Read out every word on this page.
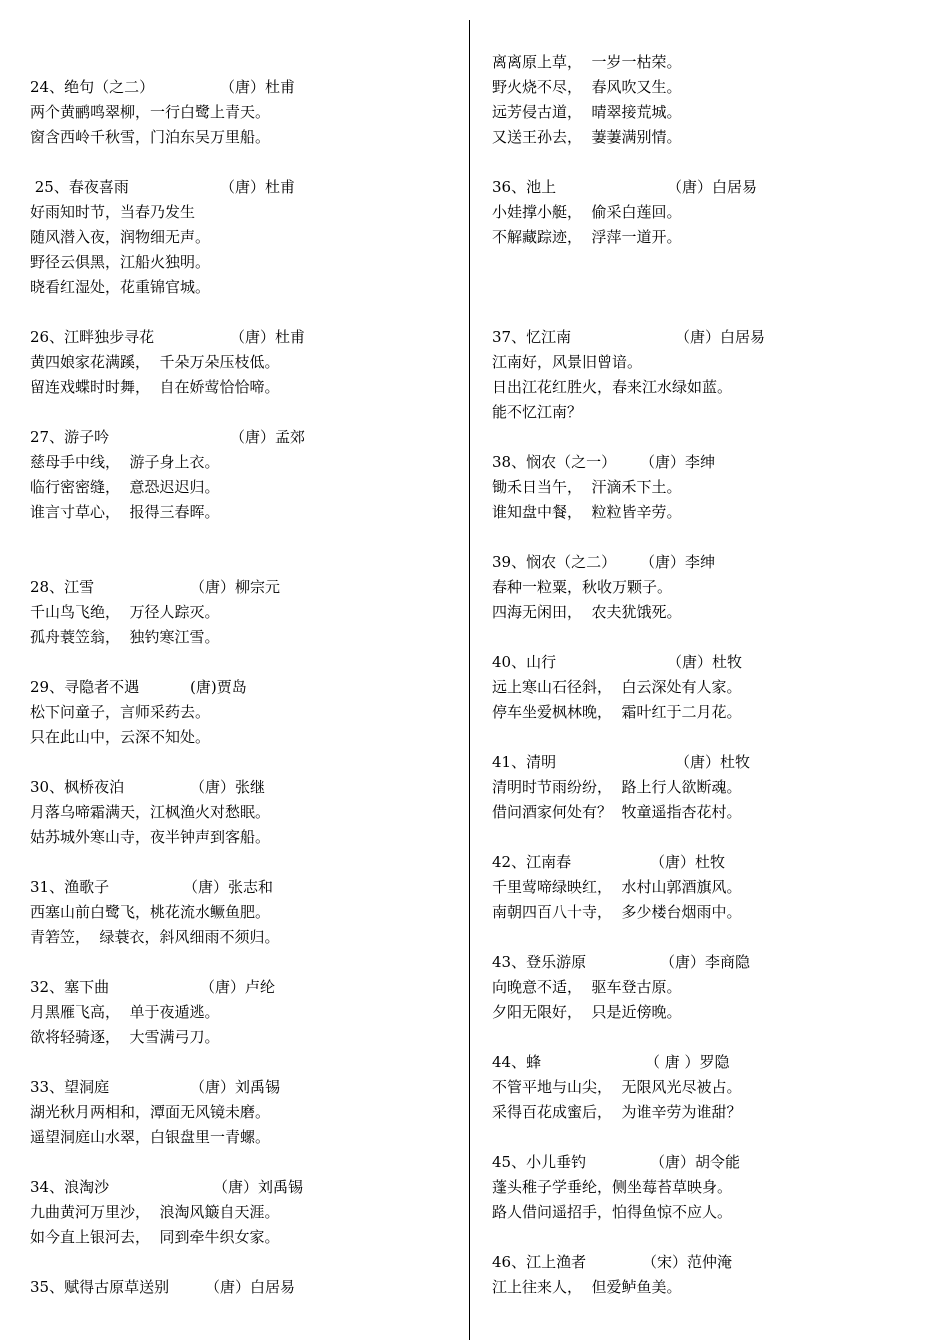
24、绝句（之二）	（唐）杜甫
两个黄鹂鸣翠柳，一行白鹭上青天。
窗含西岭千秋雪，门泊东吴万里船。
25、春夜喜雨	（唐）杜甫
好雨知时节，当春乃发生
随风潜入夜，润物细无声。
野径云俱黑，江船火独明。
晓看红湿处，花重锦官城。
26、江畔独步寻花	（唐）杜甫
黄四娘家花满蹊，  千朵万朵压枝低。
留连戏蝶时时舞，  自在娇莺恰恰啼。
27、游子吟	（唐）孟郊
慈母手中线，  游子身上衣。
临行密密缝，  意恐迟迟归。
谁言寸草心，  报得三春晖。
28、江雪	（唐）柳宗元
千山鸟飞绝，  万径人踪灭。
孤舟蓑笠翁，  独钓寒江雪。
29、寻隐者不遇	(唐)贾岛
松下问童子，言师采药去。
只在此山中，云深不知处。
30、枫桥夜泊	（唐）张继
月落乌啼霜满天，江枫渔火对愁眠。
姑苏城外寒山寺，夜半钟声到客船。
31、渔歌子	（唐）张志和
西塞山前白鹭飞，桃花流水鳜鱼肥。
青箬笠，  绿蓑衣，斜风细雨不须归。
32、塞下曲	（唐）卢纶
月黑雁飞高，  单于夜遁逃。
欲将轻骑逐，  大雪满弓刀。
33、望洞庭	（唐）刘禹锡
湖光秋月两相和，潭面无风镜未磨。
遥望洞庭山水翠，白银盘里一青螺。
34、浪淘沙	（唐）刘禹锡
九曲黄河万里沙，  浪淘风簸自天涯。
如今直上银河去，  同到牵牛织女家。
35、赋得古原草送别 （唐）白居易
离离原上草，  一岁一枯荣。
野火烧不尽，  春风吹又生。
远芳侵古道，  晴翠接荒城。
又送王孙去，  萋萋满别情。
36、池上	（唐）白居易
小娃撑小艇，  偷采白莲回。
不解藏踪迹，  浮萍一道开。
37、忆江南	（唐）白居易
江南好，风景旧曾谙。
日出江花红胜火，春来江水绿如蓝。
能不忆江南？
38、悯农（之一） （唐）李绅
锄禾日当午，  汗滴禾下土。
谁知盘中餐，  粒粒皆辛劳。
39、悯农（之二） （唐）李绅
春种一粒粟，秋收万颗子。
四海无闲田，  农夫犹饿死。
40、山行	（唐）杜牧
远上寒山石径斜，  白云深处有人家。
停车坐爱枫林晚，  霜叶红于二月花。
41、清明	（唐）杜牧
清明时节雨纷纷，  路上行人欲断魂。
借问酒家何处有？  牧童遥指杏花村。
42、江南春	（唐）杜牧
千里莺啼绿映红，  水村山郭酒旗风。
南朝四百八十寺，  多少楼台烟雨中。
43、登乐游原	（唐）李商隐
向晚意不适，  驱车登古原。
夕阳无限好，  只是近傍晚。
44、蜂	（ 唐 ）罗隐
不管平地与山尖，  无限风光尽被占。
采得百花成蜜后，  为谁辛劳为谁甜？
45、小儿垂钓	（唐）胡令能
蓬头稚子学垂纶，侧坐莓苔草映身。
路人借问遥招手，怕得鱼惊不应人。
46、江上渔者	（宋）范仲淹
江上往来人，  但爱鲈鱼美。
